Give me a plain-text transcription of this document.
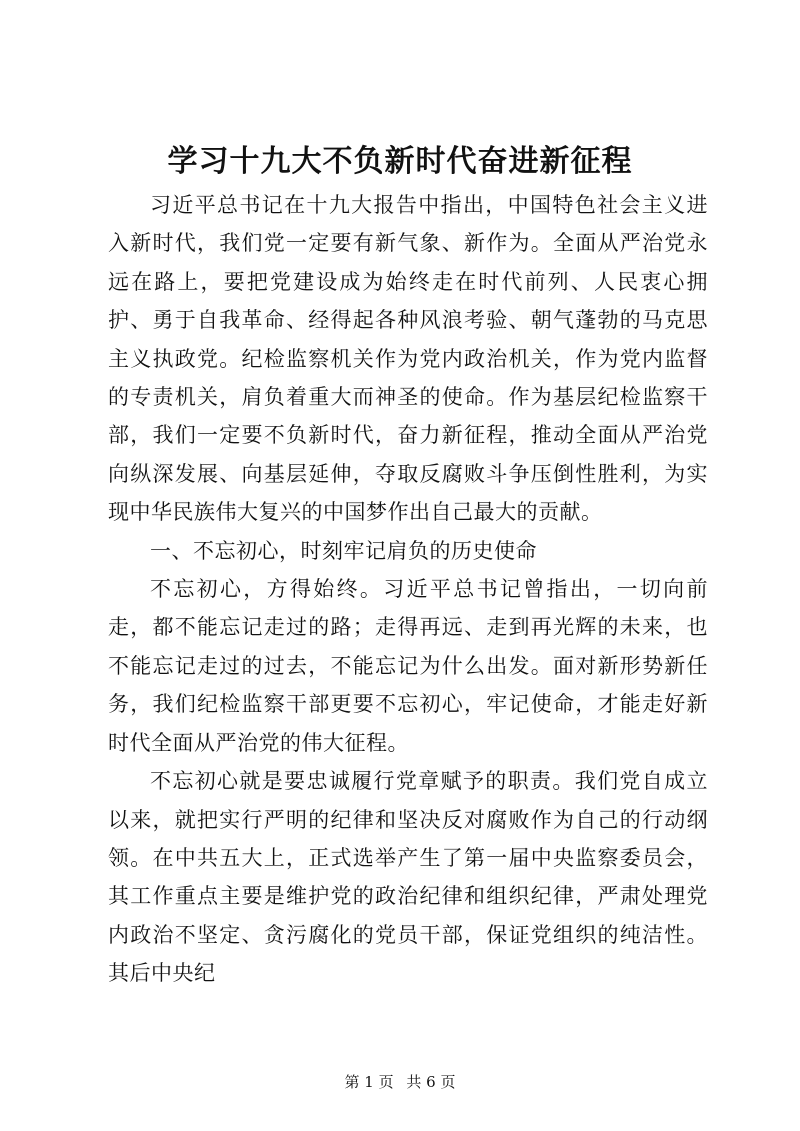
学习十九大不负新时代奋进新征程

习近平总书记在十九大报告中指出，中国特色社会主义进入新时代，我们党一定要有新气象、新作为。全面从严治党永远在路上，要把党建设成为始终走在时代前列、人民衷心拥护、勇于自我革命、经得起各种风浪考验、朝气蓬勃的马克思主义执政党。纪检监察机关作为党内政治机关，作为党内监督的专责机关，肩负着重大而神圣的使命。作为基层纪检监察干部，我们一定要不负新时代，奋力新征程，推动全面从严治党向纵深发展、向基层延伸，夺取反腐败斗争压倒性胜利，为实现中华民族伟大复兴的中国梦作出自己最大的贡献。

一、不忘初心，时刻牢记肩负的历史使命

不忘初心，方得始终。习近平总书记曾指出，一切向前走，都不能忘记走过的路；走得再远、走到再光辉的未来，也不能忘记走过的过去，不能忘记为什么出发。面对新形势新任务，我们纪检监察干部更要不忘初心，牢记使命，才能走好新时代全面从严治党的伟大征程。

不忘初心就是要忠诚履行党章赋予的职责。我们党自成立以来，就把实行严明的纪律和坚决反对腐败作为自己的行动纲领。在中共五大上，正式选举产生了第一届中央监察委员会，其工作重点主要是维护党的政治纪律和组织纪律，严肃处理党内政治不坚定、贪污腐化的党员干部，保证党组织的纯洁性。其后中央纪

第 1 页 共 6 页
